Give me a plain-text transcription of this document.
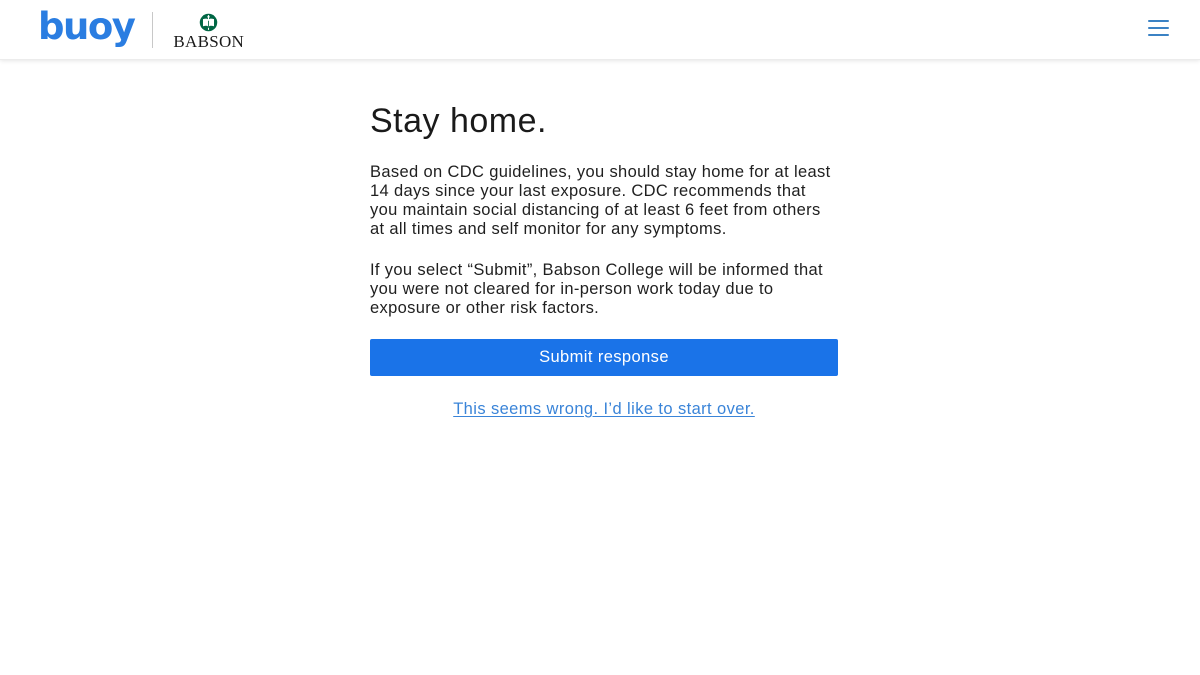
buoy BABSON
Stay home.

Based on CDC guidelines, you should stay home for at least 14 days since your last exposure. CDC recommends that you maintain social distancing of at least 6 feet from others at all times and self monitor for any symptoms.

If you select “Submit”, Babson College will be informed that you were not cleared for in-person work today due to exposure or other risk factors.

Submit response
This seems wrong. I’d like to start over.
